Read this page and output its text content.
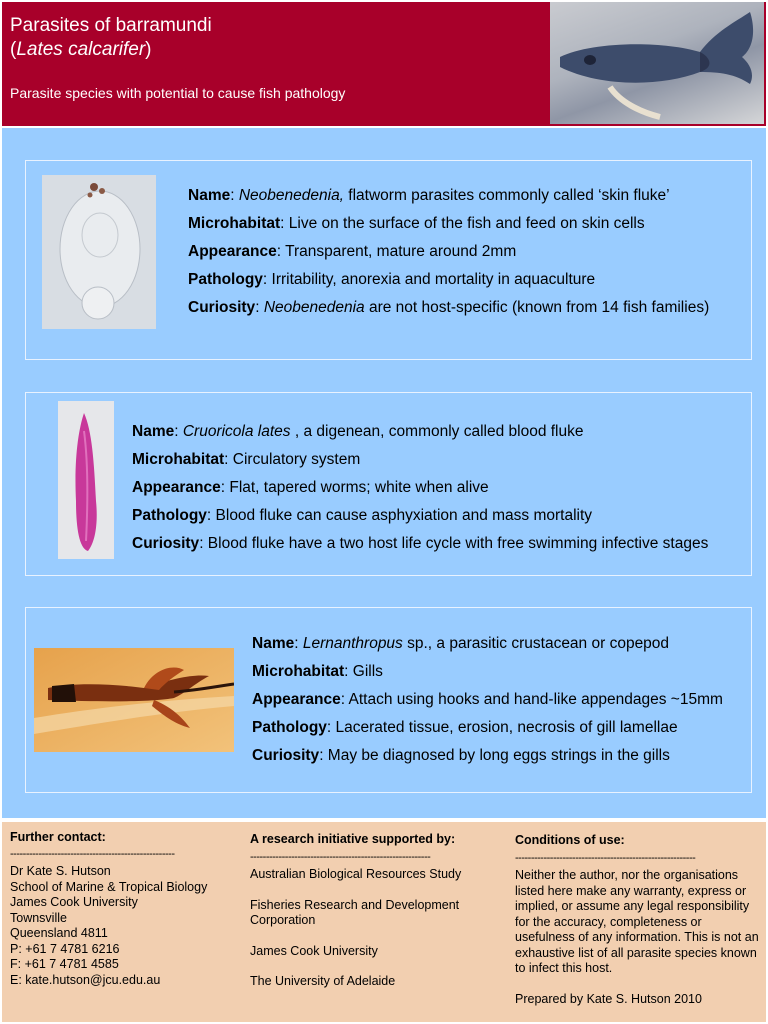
Parasites of barramundi
(Lates calcarifer)
Parasite species with potential to cause fish pathology
Name: Neobenedenia, flatworm parasites commonly called ‘skin fluke’
Microhabitat: Live on the surface of the fish and feed on skin cells
Appearance: Transparent, mature around 2mm
Pathology: Irritability, anorexia and mortality in aquaculture
Curiosity: Neobenedenia are not host-specific (known from 14 fish families)
Name: Cruoricola lates , a digenean, commonly called blood fluke
Microhabitat: Circulatory system
Appearance: Flat, tapered worms; white when alive
Pathology: Blood fluke can cause asphyxiation and mass mortality
Curiosity: Blood fluke have a two host life cycle with free swimming infective stages
Name: Lernanthropus sp., a parasitic crustacean or copepod
Microhabitat: Gills
Appearance: Attach using hooks and hand-like appendages ~15mm
Pathology: Lacerated tissue, erosion, necrosis of gill lamellae
Curiosity: May be diagnosed by long eggs strings in the gills
Further contact:
----------------------------------------------------
Dr Kate S. Hutson
School of Marine & Tropical Biology
James Cook University
Townsville
Queensland 4811
P: +61 7 4781 6216
F: +61 7 4781 4585
E: kate.hutson@jcu.edu.au
A research initiative supported by:
---------------------------------------------------------
Australian Biological Resources Study
Fisheries Research and Development Corporation
James Cook University
The University of Adelaide
Conditions of use:
---------------------------------------------------------
Neither the author, nor the organisations listed here make any warranty, express or implied, or assume any legal responsibility for the accuracy, completeness or usefulness of any information. This is not an exhaustive list of all parasite species known to infect this host.
Prepared by Kate S. Hutson 2010
